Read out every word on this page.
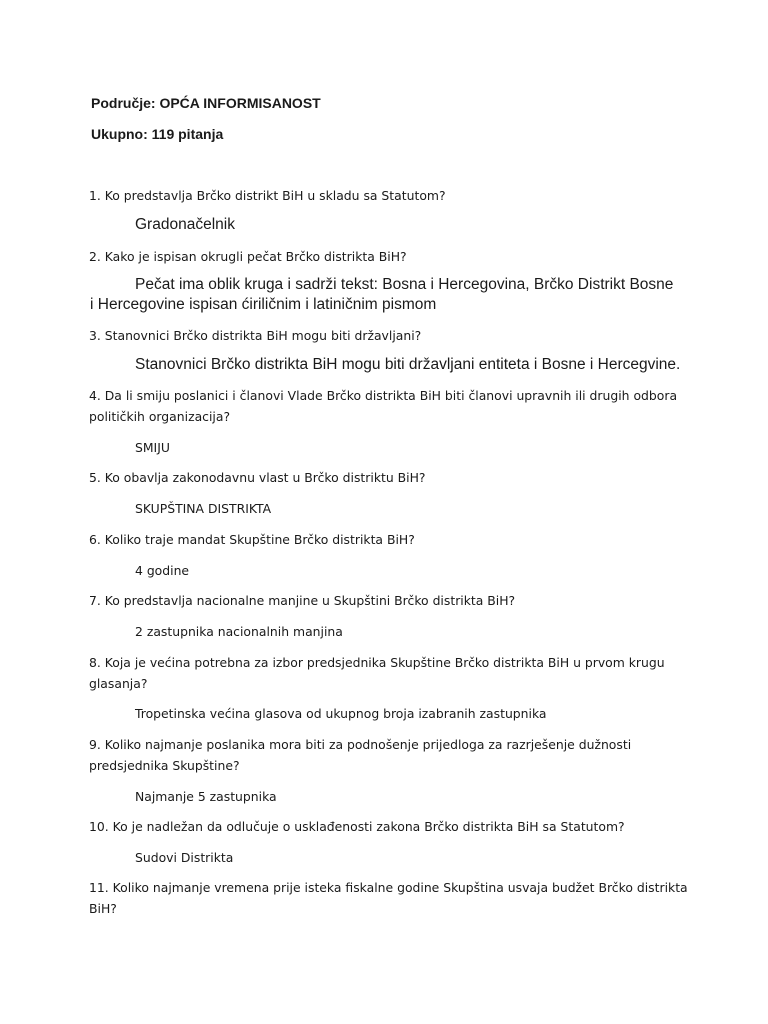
Područje: OPĆA INFORMISANOST
Ukupno: 119 pitanja
1. Ko predstavlja Brčko distrikt BiH u skladu sa Statutom?
Gradonačelnik
2. Kako je ispisan okrugli pečat Brčko distrikta BiH?
Pečat ima oblik kruga i sadrži tekst: Bosna i Hercegovina, Brčko Distrikt Bosne i Hercegovine ispisan ćiriličnim i latiničnim pismom
3. Stanovnici Brčko distrikta BiH mogu biti državljani?
Stanovnici Brčko distrikta BiH mogu biti državljani entiteta i Bosne i Hercegvine.
4. Da li smiju poslanici i članovi Vlade Brčko distrikta BiH biti članovi upravnih ili drugih odbora političkih organizacija?
SMIJU
5. Ko obavlja zakonodavnu vlast u Brčko distriktu BiH?
SKUPŠTINA DISTRIKTA
6. Koliko traje mandat Skupštine Brčko distrikta BiH?
4 godine
7. Ko predstavlja nacionalne manjine u Skupštini Brčko distrikta BiH?
2 zastupnika nacionalnih manjina
8. Koja je većina potrebna za izbor predsjednika Skupštine Brčko distrikta BiH u prvom krugu glasanja?
Tropetinska većina glasova od ukupnog broja izabranih zastupnika
9. Koliko najmanje poslanika mora biti za podnošenje prijedloga za razrješenje dužnosti predsjednika Skupštine?
Najmanje 5 zastupnika
10. Ko je nadležan da odlučuje o usklađenosti zakona Brčko distrikta BiH sa Statutom?
Sudovi Distrikta
11. Koliko najmanje vremena prije isteka fiskalne godine Skupština usvaja budžet Brčko distrikta BiH?
